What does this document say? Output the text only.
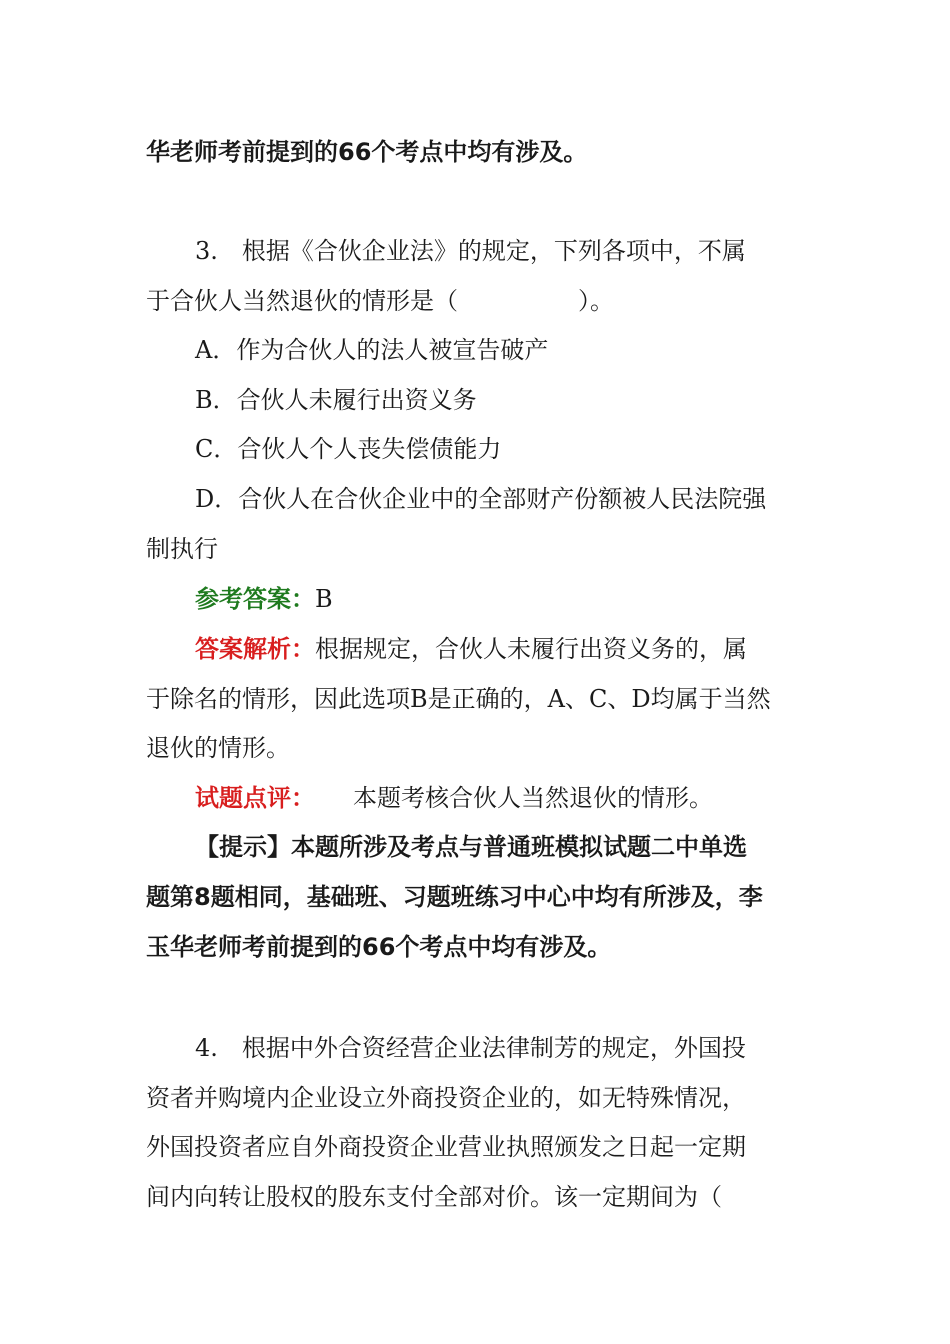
华老师考前提到的66个考点中均有涉及。
3.　根据《合伙企业法》的规定，下列各项中，不属
于合伙人当然退伙的情形是（　　　　　）。
A．作为合伙人的法人被宣告破产
B．合伙人未履行出资义务
C．合伙人个人丧失偿债能力
D．合伙人在合伙企业中的全部财产份额被人民法院强
制执行
参考答案：B
答案解析：根据规定，合伙人未履行出资义务的，属
于除名的情形，因此选项B是正确的，A、C、D均属于当然
退伙的情形。
试题点评： 本题考核合伙人当然退伙的情形。
【提示】本题所涉及考点与普通班模拟试题二中单选
题第8题相同，基础班、习题班练习中心中均有所涉及，李
玉华老师考前提到的66个考点中均有涉及。
4.　根据中外合资经营企业法律制芳的规定，外国投
资者并购境内企业设立外商投资企业的，如无特殊情况，
外国投资者应自外商投资企业营业执照颁发之日起一定期
间内向转让股权的股东支付全部对价。该一定期间为（
